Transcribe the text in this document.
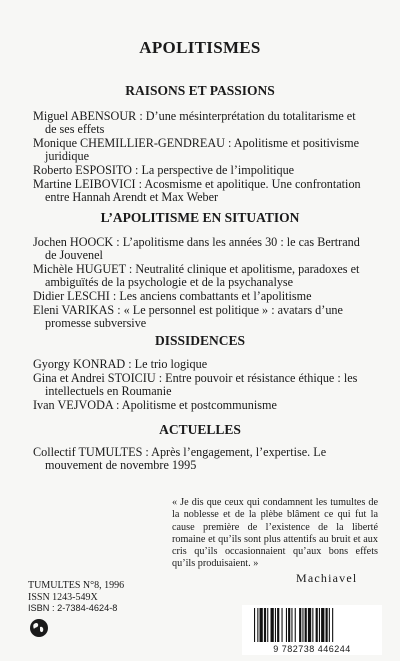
APOLITISMES
RAISONS ET PASSIONS
Miguel ABENSOUR : D’une mésinterprétation du totalitarisme et
de ses effets
Monique CHEMILLIER-GENDREAU : Apolitisme et positivisme
juridique
Roberto ESPOSITO : La perspective de l’impolitique
Martine LEIBOVICI : Acosmisme et apolitique. Une confrontation
entre Hannah Arendt et Max Weber
L’APOLITISME EN SITUATION
Jochen HOOCK : L’apolitisme dans les années 30 : le cas Bertrand
de Jouvenel
Michèle HUGUET : Neutralité clinique et apolitisme, paradoxes et
ambiguïtés de la psychologie et de la psychanalyse
Didier LESCHI : Les anciens combattants et l’apolitisme
Eleni VARIKAS : « Le personnel est politique » : avatars d’une
promesse subversive
DISSIDENCES
Gyorgy KONRAD : Le trio logique
Gina et Andrei STOICIU : Entre pouvoir et résistance éthique : les
intellectuels en Roumanie
Ivan VEJVODA : Apolitisme et postcommunisme
ACTUELLES
Collectif TUMULTES : Après l’engagement, l’expertise. Le
mouvement de novembre 1995
« Je dis que ceux qui condamnent les tumultes de la noblesse et de la plèbe blâment ce qui fut la cause première de l’existence de la liberté romaine et qu’ils sont plus attentifs au bruit et aux cris qu’ils occasionnaient qu’aux bons effets qu’ils produisaient. »
Machiavel
TUMULTES N°8, 1996
ISSN 1243-549X
ISBN : 2-7384-4624-8
9 782738 446244
